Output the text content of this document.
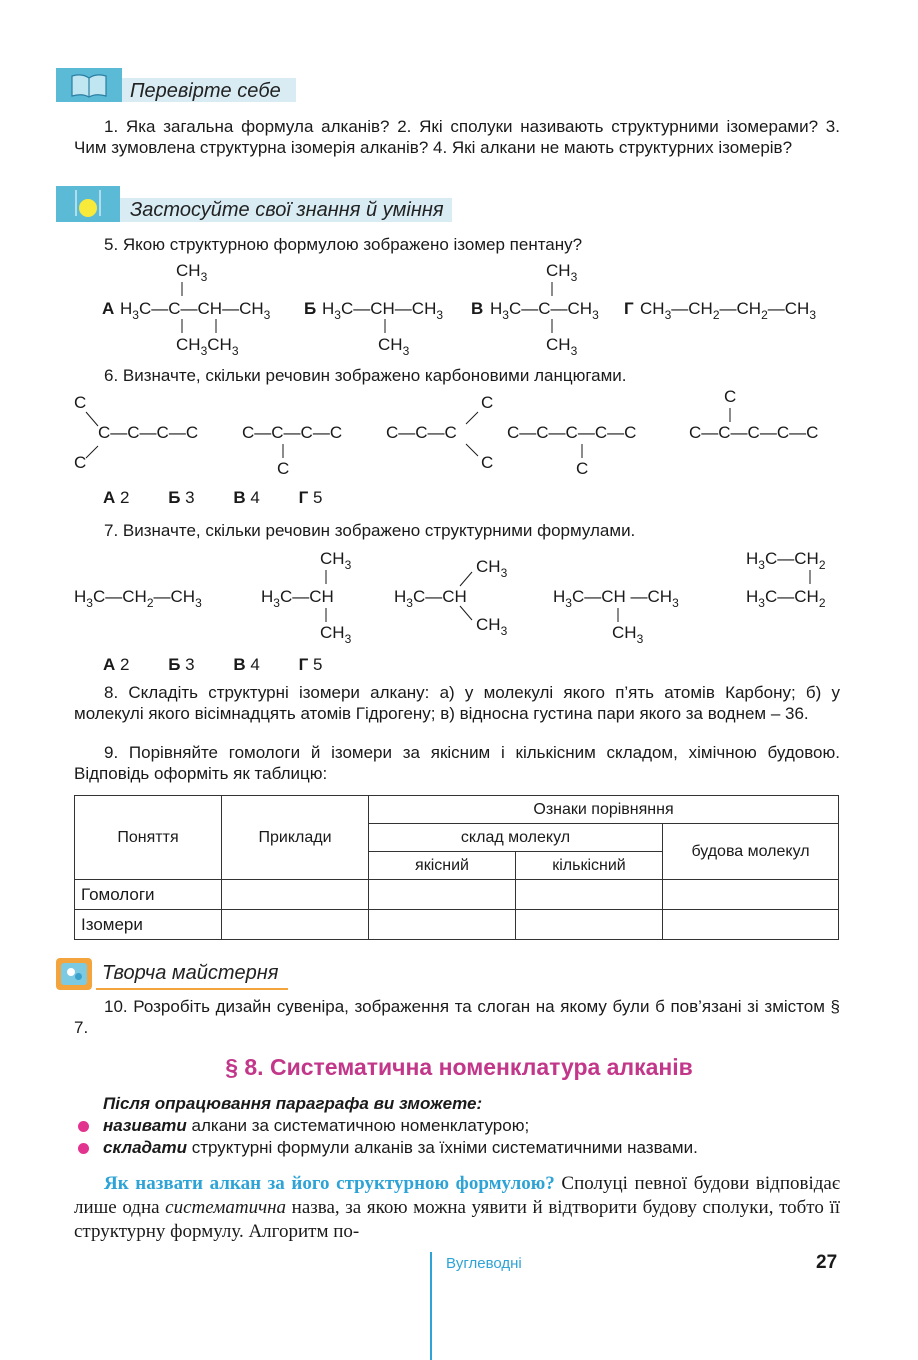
Перевірте себе
1. Яка загальна формула алканів? 2. Які сполуки називають структурними ізомерами? 3. Чим зумовлена структурна ізомерія алканів? 4. Які алкани не мають структурних ізомерів?
Застосуйте свої знання й уміння
5. Якою структурною формулою зображено ізомер пентану?
А $H_3C—C—CH—CH_3$
$CH_3$
$CH_3CH_3$
Б $H_3C—CH—CH_3$
$CH_3$
В $H_3C—C—CH_3$
$CH_3$
$CH_3$
Г $CH_3—CH_2—CH_2—CH_3$
6. Визначте, скільки речовин зображено карбоновими ланцюгами.
C
C—C—C—C
C
C—C—C—C
C
C—C—C
C
C
C—C—C—C—C
C
C
C—C—C—C—C
А 2 Б 3 В 4 Г 5
7. Визначте, скільки речовин зображено структурними формулами.
$H_3C—CH_2—CH_3$
$CH_3$
$H_3C—CH$
$CH_3$
$CH_3$
$H_3C—CH$
$CH_3$
$H_3C—CH$ $—CH_3$
$CH_3$
$H_3C—CH_2$
$H_3C—CH_2$
А 2 Б 3 В 4 Г 5
8. Складіть структурні ізомери алкану: а) у молекулі якого п’ять атомів Карбону; б) у молекулі якого вісімнадцять атомів Гідрогену; в) відносна густина пари якого за воднем – 36.
9. Порівняйте гомологи й ізомери за якісним і кількісним складом, хімічною будовою. Відповідь оформіть як таблицю:
Поняття	Приклади	Ознаки порівняння		
		склад молекул		будова молекул
		якісний	кількісний	
Гомологи				
Ізомери				
Творча майстерня
10. Розробіть дизайн сувеніра, зображення та слоган на якому були б пов’язані зі змістом § 7.
§ 8. Систематична номенклатура алканів
Після опрацювання параграфа ви зможете:
називати алкани за систематичною номенклатурою;
складати структурні формули алканів за їхніми систематичними назвами.
Як назвати алкан за його структурною формулою? Сполуці певної будови відповідає лише одна систематична назва, за якою можна уявити й відтворити будову сполуки, тобто її структурну формулу. Алгоритм по-
Вуглеводні	27
